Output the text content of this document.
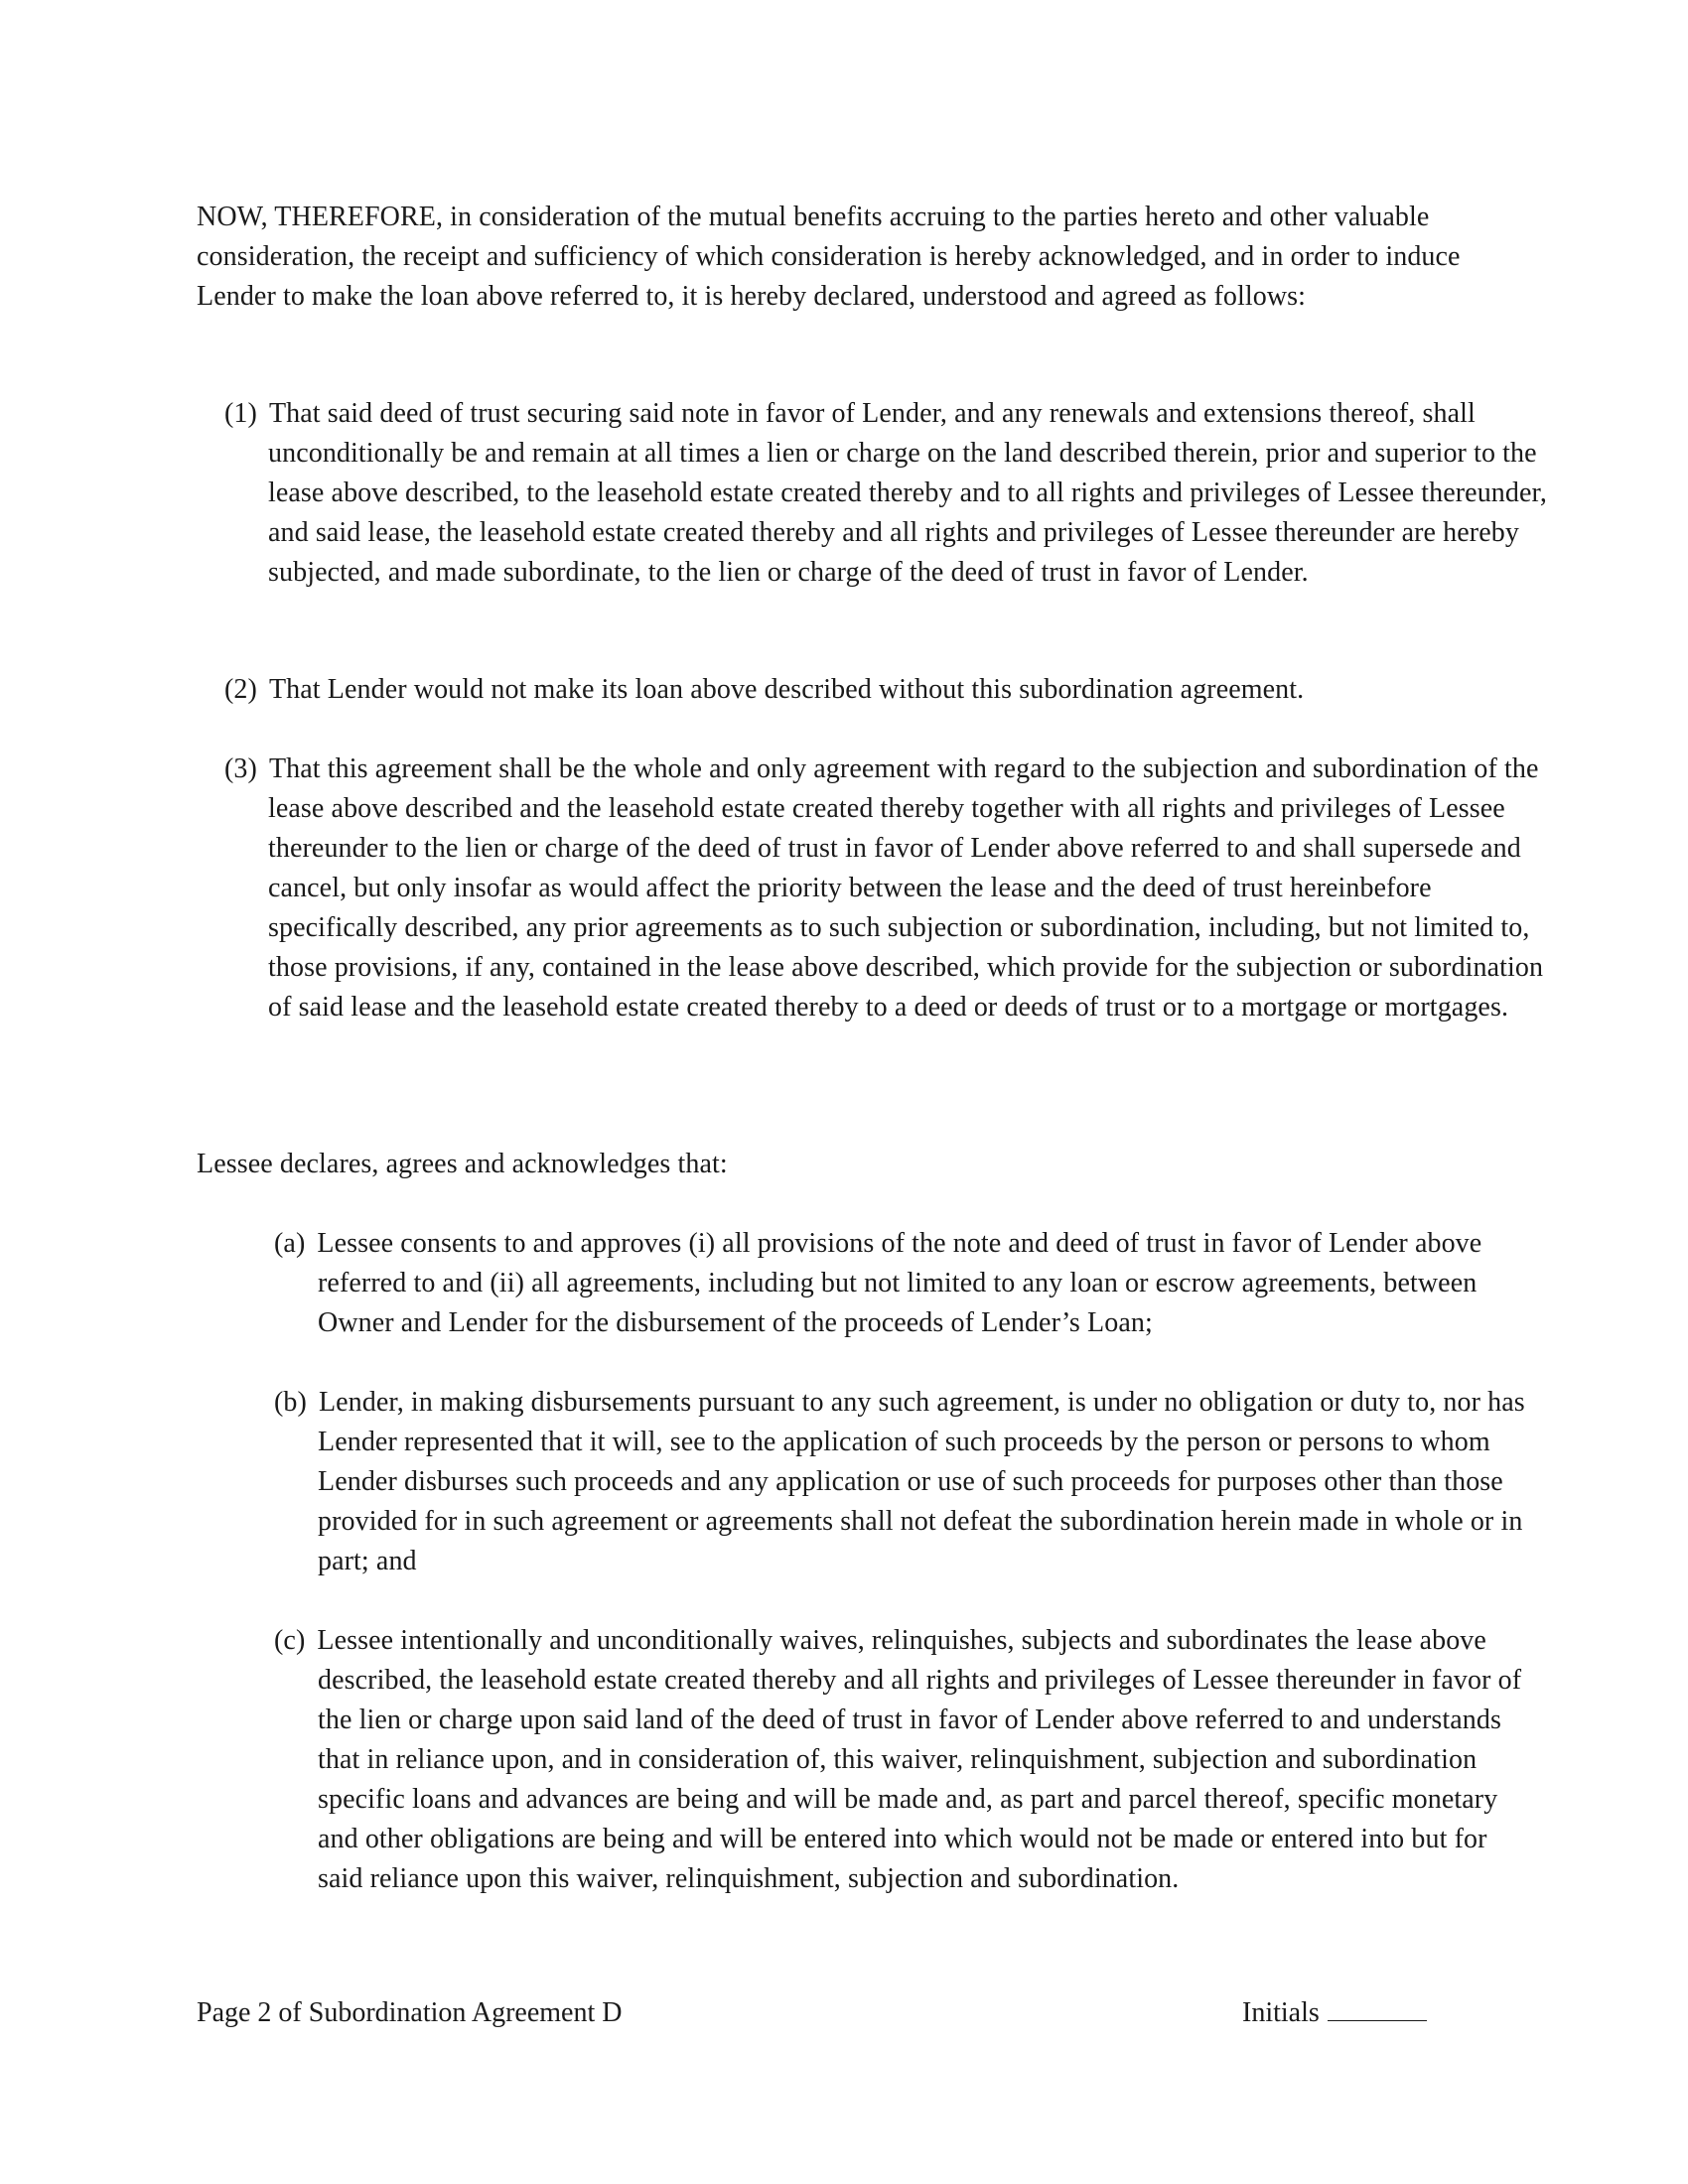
NOW, THEREFORE, in consideration of the mutual benefits accruing to the parties hereto and other valuable consideration, the receipt and sufficiency of which consideration is hereby acknowledged, and in order to induce Lender to make the loan above referred to, it is hereby declared, understood and agreed as follows:

(1) That said deed of trust securing said note in favor of Lender, and any renewals and extensions thereof, shall unconditionally be and remain at all times a lien or charge on the land described therein, prior and superior to the lease above described, to the leasehold estate created thereby and to all rights and privileges of Lessee thereunder, and said lease, the leasehold estate created thereby and all rights and privileges of Lessee thereunder are hereby subjected, and made subordinate, to the lien or charge of the deed of trust in favor of Lender.
(2) That Lender would not make its loan above described without this subordination agreement.
(3) That this agreement shall be the whole and only agreement with regard to the subjection and subordination of the lease above described and the leasehold estate created thereby together with all rights and privileges of Lessee thereunder to the lien or charge of the deed of trust in favor of Lender above referred to and shall supersede and cancel, but only insofar as would affect the priority between the lease and the deed of trust hereinbefore specifically described, any prior agreements as to such subjection or subordination, including, but not limited to, those provisions, if any, contained in the lease above described, which provide for the subjection or subordination of said lease and the leasehold estate created thereby to a deed or deeds of trust or to a mortgage or mortgages.

Lessee declares, agrees and acknowledges that:

(a) Lessee consents to and approves (i) all provisions of the note and deed of trust in favor of Lender above referred to and (ii) all agreements, including but not limited to any loan or escrow agreements, between Owner and Lender for the disbursement of the proceeds of Lender’s Loan;
(b) Lender, in making disbursements pursuant to any such agreement, is under no obligation or duty to, nor has Lender represented that it will, see to the application of such proceeds by the person or persons to whom Lender disburses such proceeds and any application or use of such proceeds for purposes other than those provided for in such agreement or agreements shall not defeat the subordination herein made in whole or in part; and
(c) Lessee intentionally and unconditionally waives, relinquishes, subjects and subordinates the lease above described, the leasehold estate created thereby and all rights and privileges of Lessee thereunder in favor of the lien or charge upon said land of the deed of trust in favor of Lender above referred to and understands that in reliance upon, and in consideration of, this waiver, relinquishment, subjection and subordination specific loans and advances are being and will be made and, as part and parcel thereof, specific monetary and other obligations are being and will be entered into which would not be made or entered into but for said reliance upon this waiver, relinquishment, subjection and subordination.
Page 2 of Subordination Agreement D	Initials
